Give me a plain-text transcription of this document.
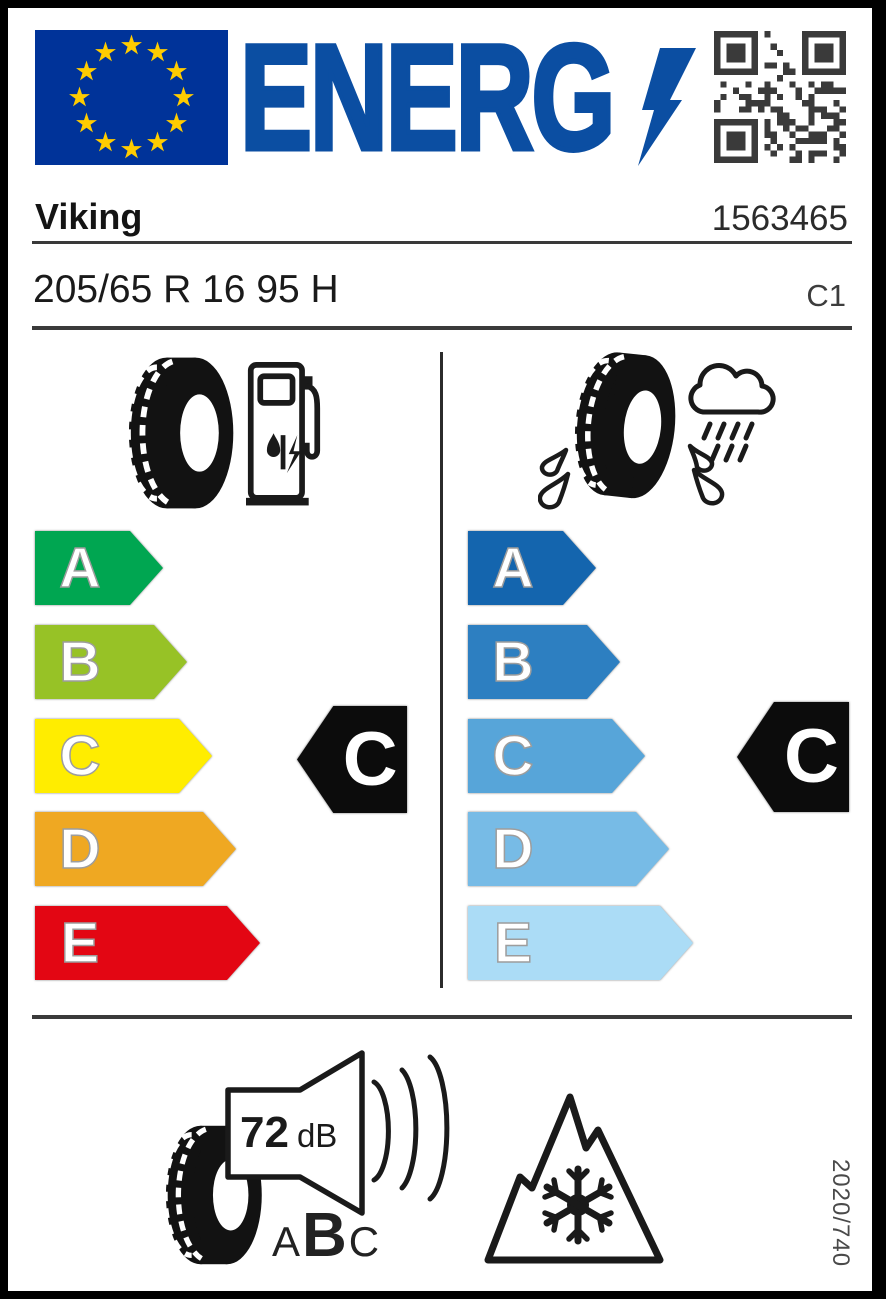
ENERG
Viking	1563465
205/65 R 16 95 H	C1
A
B
C
D
E
C
A
B
C
D
E
C
72 dB
A B C	2020/740
